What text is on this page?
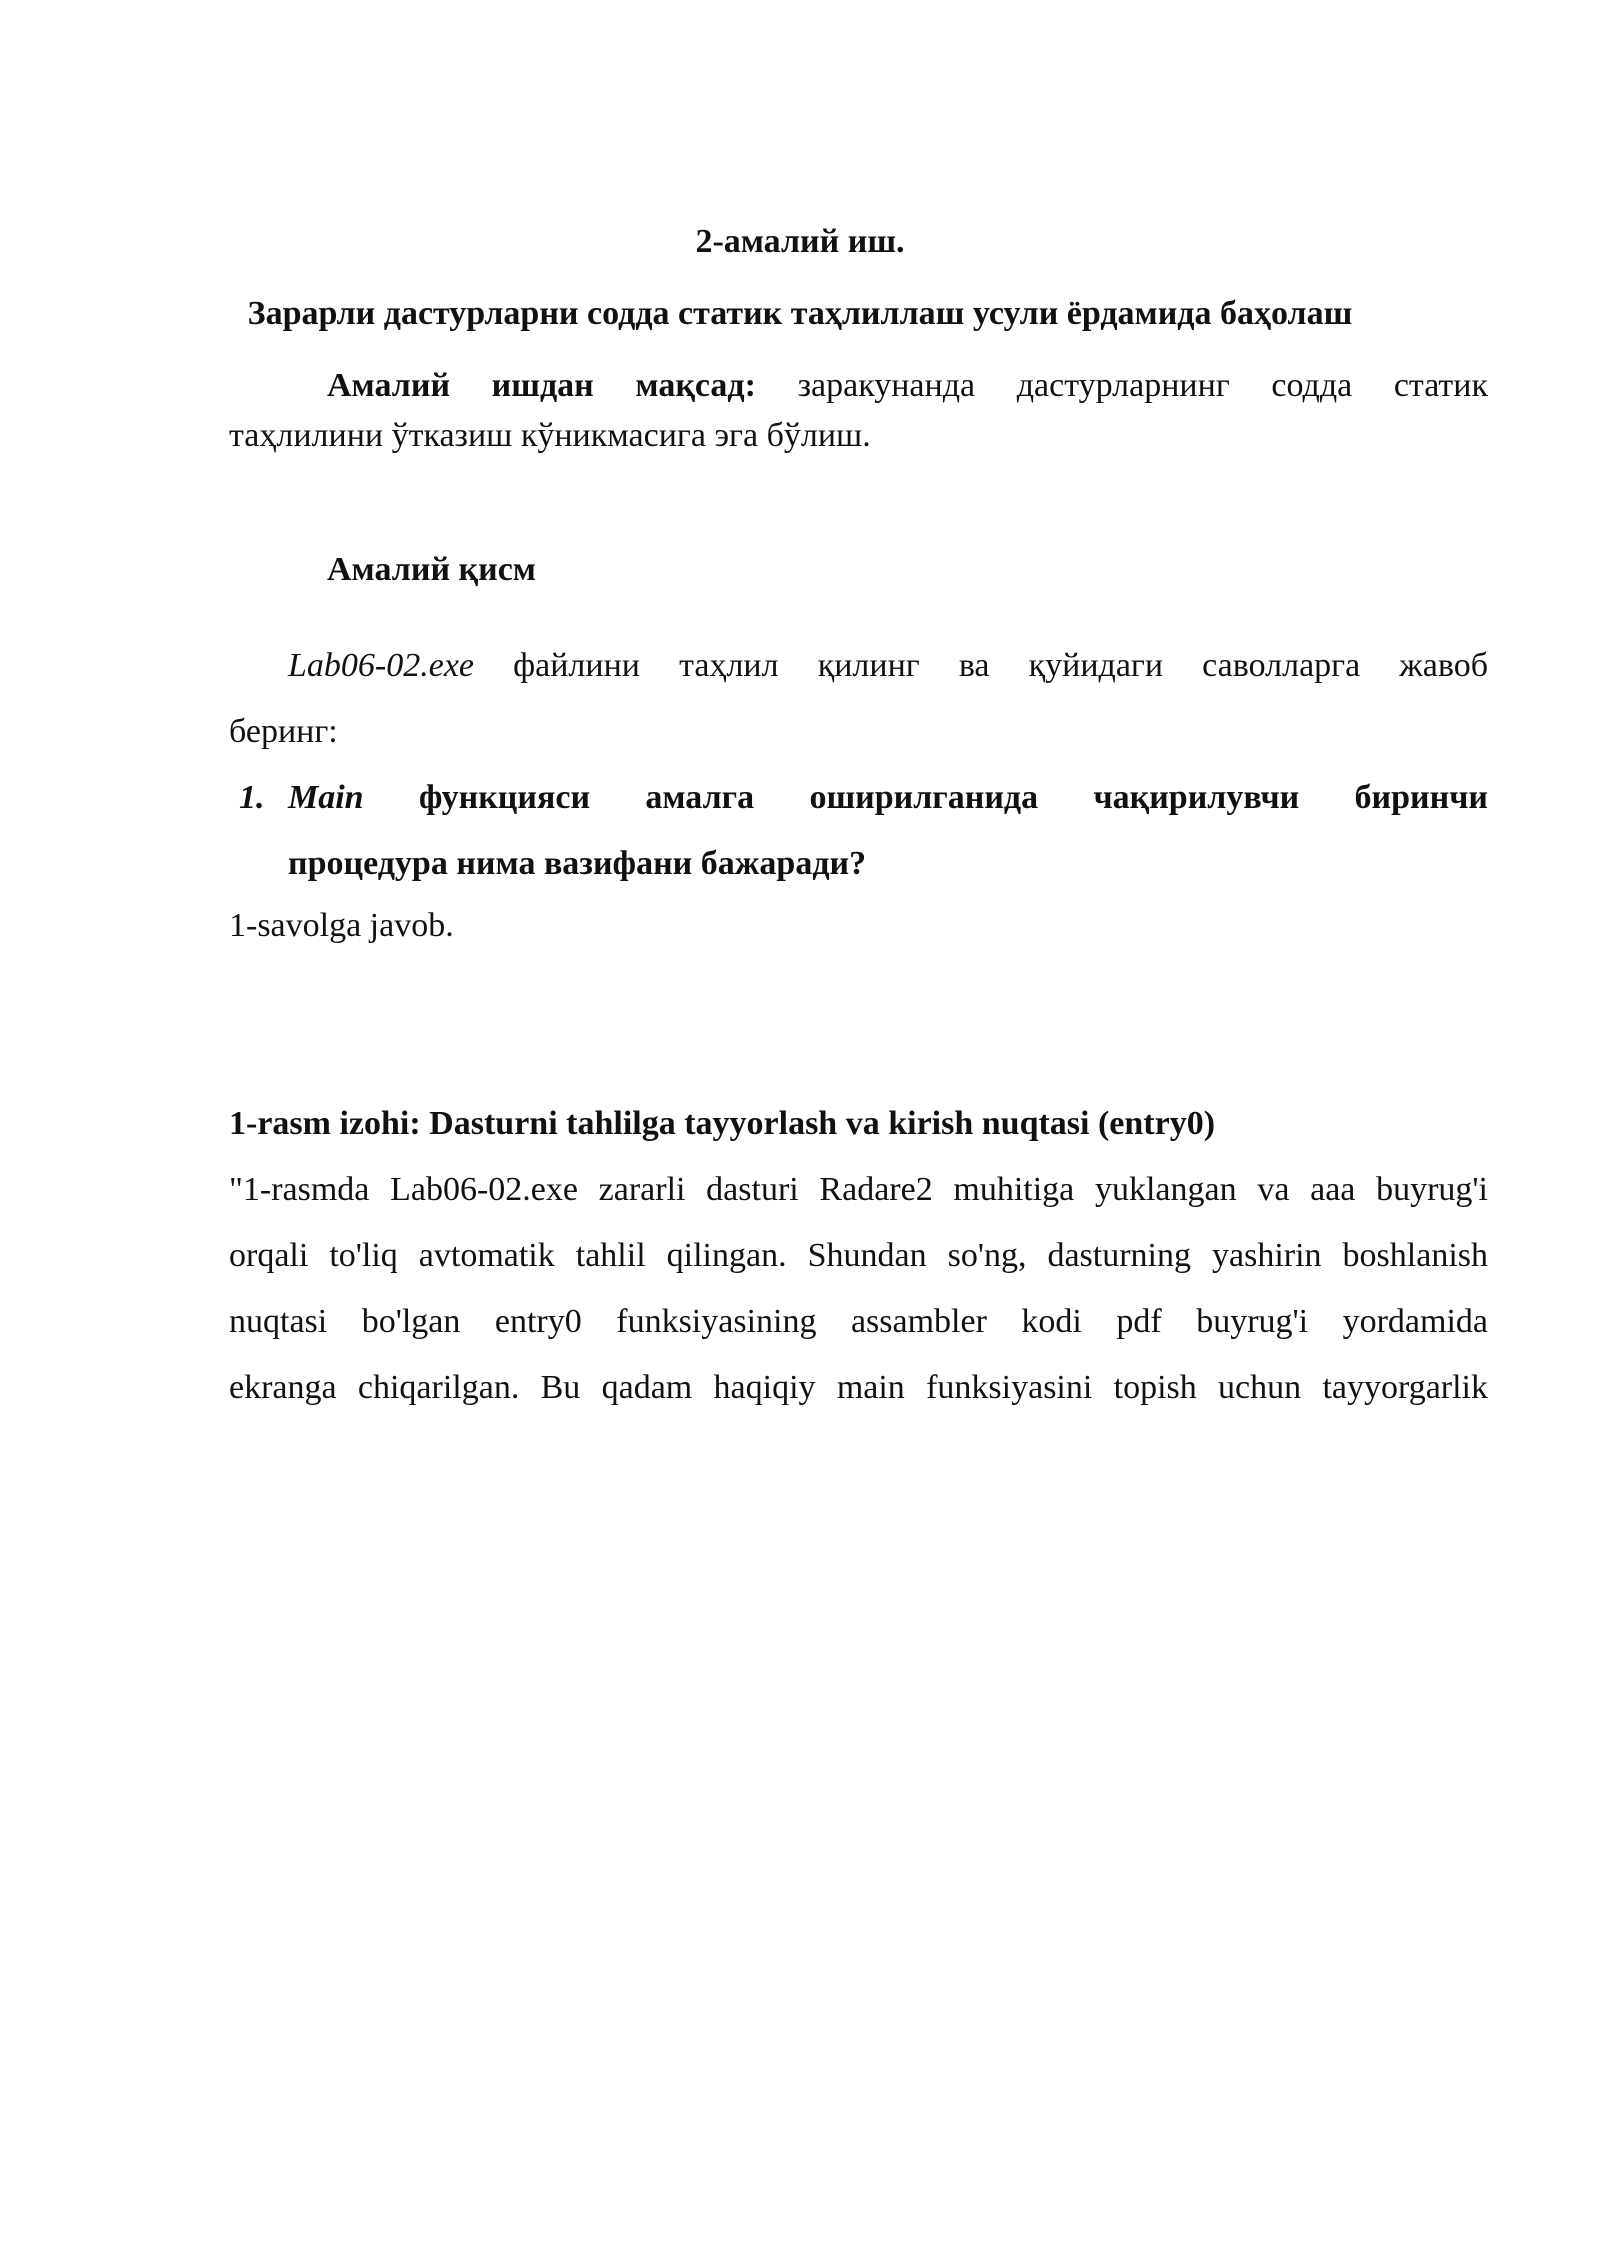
2-амалий иш.
Зарарли дастурларни содда статик таҳлиллаш усули ёрдамида баҳолаш
Амалий ишдан мақсад: заракунанда дастурларнинг содда статик
таҳлилини ўтказиш кўникмасига эга бўлиш.
Амалий қисм
Lab06-02.exe файлини таҳлил қилинг ва қуйидаги саволларга жавоб
беринг:
1. Main функцияси амалга оширилганида чақирилувчи биринчи
процедура нима вазифани бажаради?
1-savolga javob.
1-rasm izohi: Dasturni tahlilga tayyorlash va kirish nuqtasi (entry0)
"1-rasmda Lab06-02.exe zararli dasturi Radare2 muhitiga yuklangan va aaa buyrug'i
orqali to'liq avtomatik tahlil qilingan. Shundan so'ng, dasturning yashirin boshlanish
nuqtasi bo'lgan entry0 funksiyasining assambler kodi pdf buyrug'i yordamida
ekranga chiqarilgan. Bu qadam haqiqiy main funksiyasini topish uchun tayyorgarlik
